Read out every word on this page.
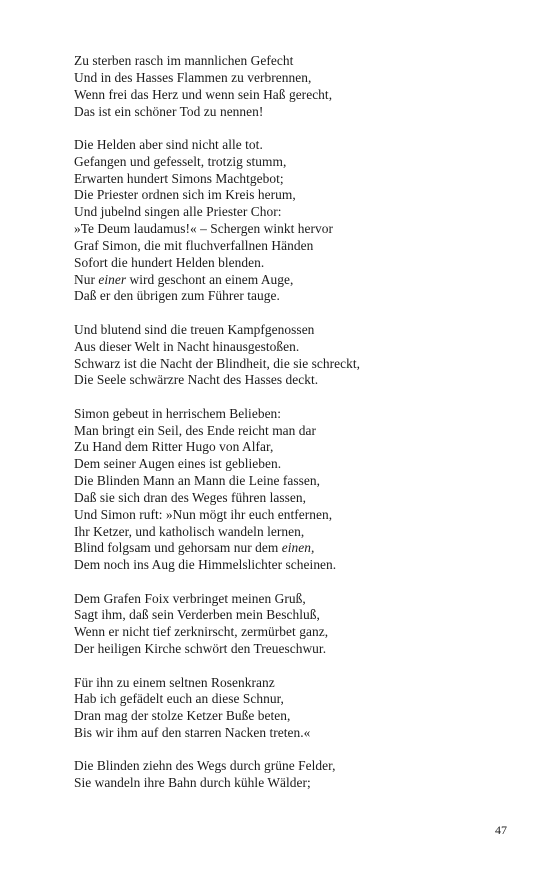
Zu sterben rasch im mannlichen Gefecht
Und in des Hasses Flammen zu verbrennen,
Wenn frei das Herz und wenn sein Haß gerecht,
Das ist ein schöner Tod zu nennen!
Die Helden aber sind nicht alle tot.
Gefangen und gefesselt, trotzig stumm,
Erwarten hundert Simons Machtgebot;
Die Priester ordnen sich im Kreis herum,
Und jubelnd singen alle Priester Chor:
»Te Deum laudamus!« – Schergen winkt hervor
Graf Simon, die mit fluchverfallnen Händen
Sofort die hundert Helden blenden.
Nur einer wird geschont an einem Auge,
Daß er den übrigen zum Führer tauge.
Und blutend sind die treuen Kampfgenossen
Aus dieser Welt in Nacht hinausgestoßen.
Schwarz ist die Nacht der Blindheit, die sie schreckt,
Die Seele schwärzre Nacht des Hasses deckt.
Simon gebeut in herrischem Belieben:
Man bringt ein Seil, des Ende reicht man dar
Zu Hand dem Ritter Hugo von Alfar,
Dem seiner Augen eines ist geblieben.
Die Blinden Mann an Mann die Leine fassen,
Daß sie sich dran des Weges führen lassen,
Und Simon ruft: »Nun mögt ihr euch entfernen,
Ihr Ketzer, und katholisch wandeln lernen,
Blind folgsam und gehorsam nur dem einen,
Dem noch ins Aug die Himmelslichter scheinen.
Dem Grafen Foix verbringet meinen Gruß,
Sagt ihm, daß sein Verderben mein Beschluß,
Wenn er nicht tief zerknirscht, zermürbet ganz,
Der heiligen Kirche schwört den Treueschwur.
Für ihn zu einem seltnen Rosenkranz
Hab ich gefädelt euch an diese Schnur,
Dran mag der stolze Ketzer Buße beten,
Bis wir ihm auf den starren Nacken treten.«
Die Blinden ziehn des Wegs durch grüne Felder,
Sie wandeln ihre Bahn durch kühle Wälder;
47
